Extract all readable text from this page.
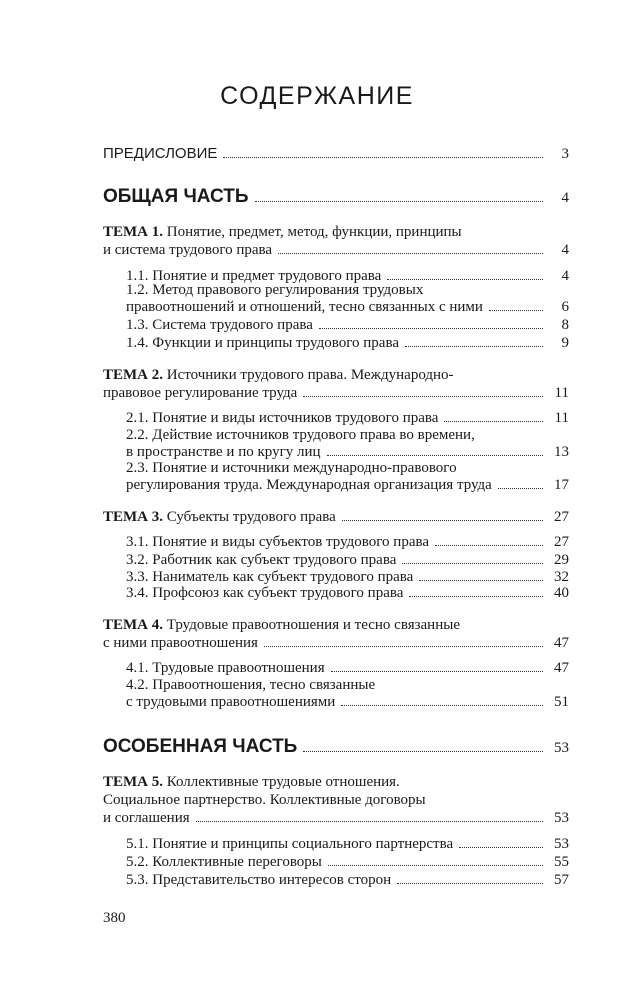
СОДЕРЖАНИЕ
ПРЕДИСЛОВИЕ	3
ОБЩАЯ ЧАСТЬ	4
ТЕМА 1. Понятие, предмет, метод, функции, принципы
и система трудового права	4
1.1. Понятие и предмет трудового права	4
1.2. Метод правового регулирования трудовых
правоотношений и отношений, тесно связанных с ними	6
1.3. Система трудового права	8
1.4. Функции и принципы трудового права	9
ТЕМА 2. Источники трудового права. Международно-
правовое регулирование труда	11
2.1. Понятие и виды источников трудового права	11
2.2. Действие источников трудового права во времени,
в пространстве и по кругу лиц	13
2.3. Понятие и источники международно-правового
регулирования труда. Международная организация труда	17
ТЕМА 3. Субъекты трудового права	27
3.1. Понятие и виды субъектов трудового права	27
3.2. Работник как субъект трудового права	29
3.3. Наниматель как субъект трудового права	32
3.4. Профсоюз как субъект трудового права	40
ТЕМА 4. Трудовые правоотношения и тесно связанные
с ними правоотношения	47
4.1. Трудовые правоотношения	47
4.2. Правоотношения, тесно связанные
с трудовыми правоотношениями	51
ОСОБЕННАЯ ЧАСТЬ	53
ТЕМА 5. Коллективные трудовые отношения.
Социальное партнерство. Коллективные договоры
и соглашения	53
5.1. Понятие и принципы социального партнерства	53
5.2. Коллективные переговоры	55
5.3. Представительство интересов сторон	57
380
